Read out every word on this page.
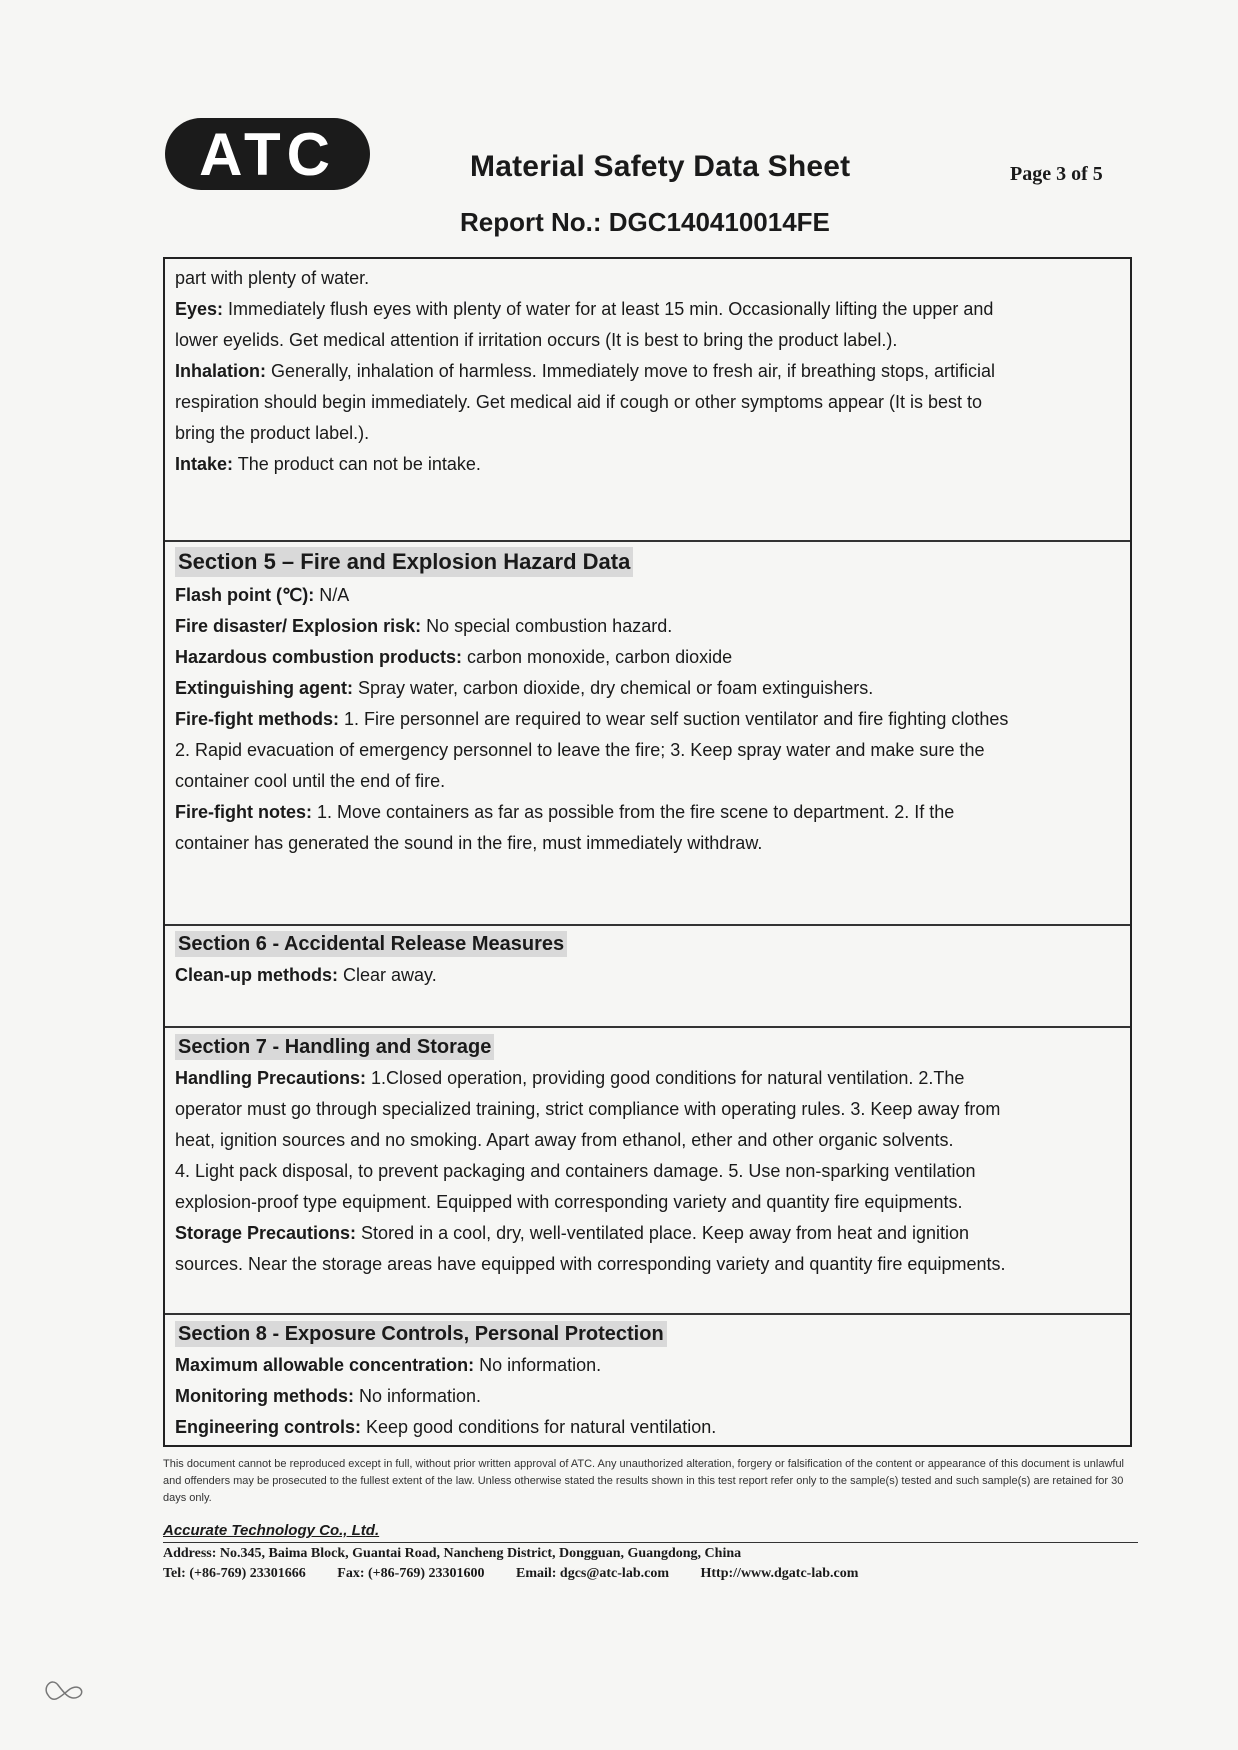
ATC	Material Safety Data Sheet	Page 3 of 5
Report No.: DGC140410014FE
part with plenty of water.
Eyes: Immediately flush eyes with plenty of water for at least 15 min. Occasionally lifting the upper and
lower eyelids. Get medical attention if irritation occurs (It is best to bring the product label.).
Inhalation: Generally, inhalation of harmless. Immediately move to fresh air, if breathing stops, artificial
respiration should begin immediately. Get medical aid if cough or other symptoms appear (It is best to
bring the product label.).
Intake: The product can not be intake.
Section 5 – Fire and Explosion Hazard Data
Flash point (℃): N/A
Fire disaster/ Explosion risk: No special combustion hazard.
Hazardous combustion products: carbon monoxide, carbon dioxide
Extinguishing agent: Spray water, carbon dioxide, dry chemical or foam extinguishers.
Fire-fight methods: 1. Fire personnel are required to wear self suction ventilator and fire fighting clothes
2. Rapid evacuation of emergency personnel to leave the fire; 3. Keep spray water and make sure the
container cool until the end of fire.
Fire-fight notes: 1. Move containers as far as possible from the fire scene to department. 2. If the
container has generated the sound in the fire, must immediately withdraw.
Section 6 - Accidental Release Measures
Clean-up methods: Clear away.
Section 7 - Handling and Storage
Handling Precautions: 1.Closed operation, providing good conditions for natural ventilation. 2.The
operator must go through specialized training, strict compliance with operating rules. 3. Keep away from
heat, ignition sources and no smoking. Apart away from ethanol, ether and other organic solvents.
4. Light pack disposal, to prevent packaging and containers damage. 5. Use non-sparking ventilation
explosion-proof type equipment. Equipped with corresponding variety and quantity fire equipments.
Storage Precautions: Stored in a cool, dry, well-ventilated place. Keep away from heat and ignition
sources. Near the storage areas have equipped with corresponding variety and quantity fire equipments.
Section 8 - Exposure Controls, Personal Protection
Maximum allowable concentration: No information.
Monitoring methods: No information.
Engineering controls: Keep good conditions for natural ventilation.
This document cannot be reproduced except in full, without prior written approval of ATC. Any unauthorized alteration, forgery or falsification of the content or appearance of this document is unlawful and offenders may be prosecuted to the fullest extent of the law. Unless otherwise stated the results shown in this test report refer only to the sample(s) tested and such sample(s) are retained for 30 days only.
Accurate Technology Co., Ltd.
Address: No.345, Baima Block, Guantai Road, Nancheng District, Dongguan, Guangdong, China
Tel: (+86-769) 23301666 Fax: (+86-769) 23301600 Email: dgcs@atc-lab.com Http://www.dgatc-lab.com
